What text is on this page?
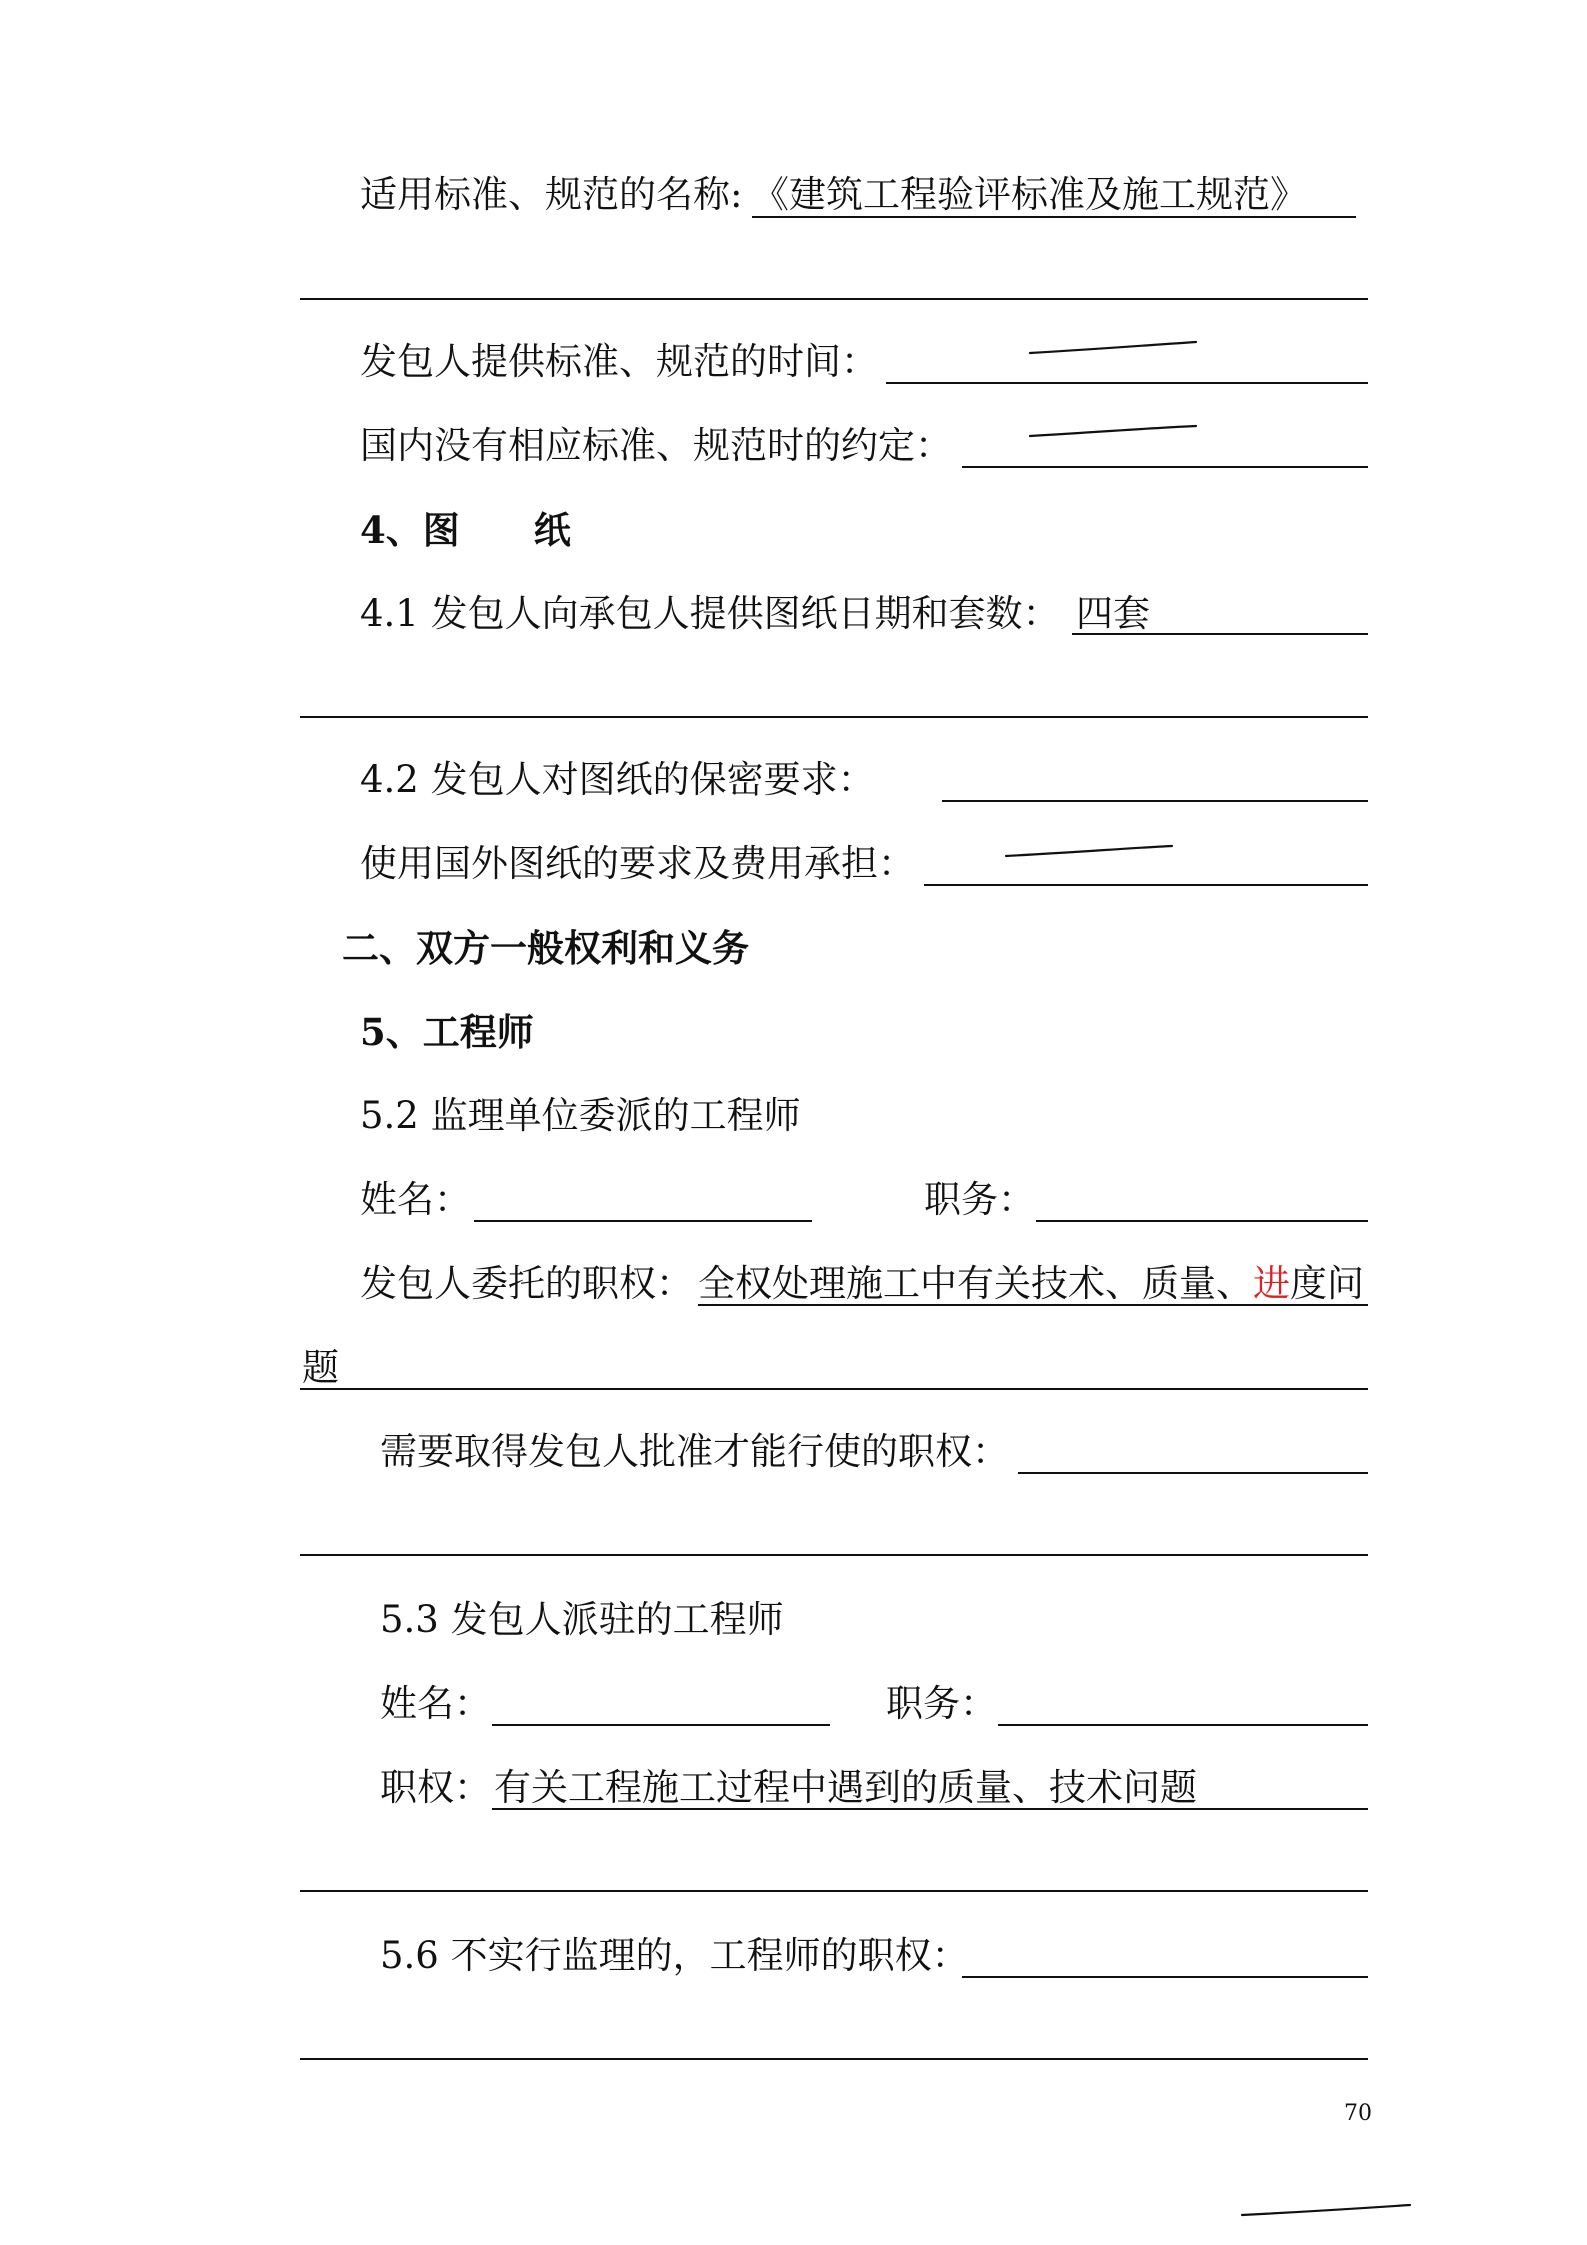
适用标准、规范的名称: 《建筑工程验评标准及施工规范》
发包人提供标准、规范的时间：
国内没有相应标准、规范时的约定：
4、图　　纸
4.1 发包人向承包人提供图纸日期和套数： 四套
4.2 发包人对图纸的保密要求：
使用国外图纸的要求及费用承担：
二、双方一般权利和义务
5、工程师
5.2 监理单位委派的工程师
姓名：	职务：
发包人委托的职权： 全权处理施工中有关技术、质量、进度问
题
需要取得发包人批准才能行使的职权：
5.3 发包人派驻的工程师
姓名：	职务：
职权： 有关工程施工过程中遇到的质量、技术问题
5.6 不实行监理的，工程师的职权：
70
